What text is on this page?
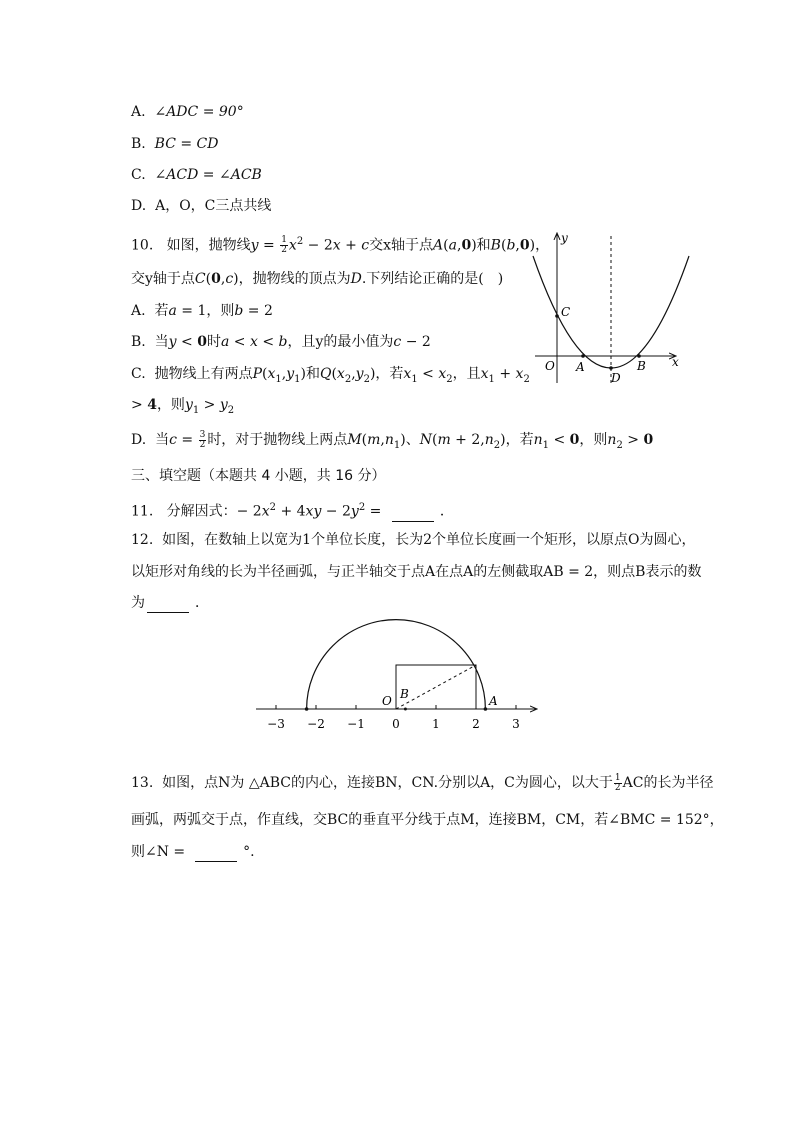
A. ∠ADC = 90°
B. BC = CD
C. ∠ACD = ∠ACB
D. A，O，C三点共线
10. 如图，抛物线$y = \frac{1}{2} x^2 - 2x + c$交x轴于点A(a,0)和B(b,0)，
交y轴于点C(0,c)，抛物线的顶点为D.下列结论正确的是(　)
A. 若a = 1，则b = 2
B. 当y < 0时a < x < b，且y的最小值为c − 2
C. 抛物线上有两点$P(x_1,y_1)$和$Q(x_2,y_2)$，若$x_1 < x_2$，且$x_1 + x_2$
> 4，则$y_1 > y_2$
D. 当$c = \frac{3}{2}$ 时，对于抛物线上两点$M(m,n_1)$、$N(m + 2,n_2)$，若$n_1 < 0$，则$n_2 > 0$
y
x
C
O A	B
D
三、填空题（本题共 4 小题，共 16 分）
11. 分解因式：− $2x^2 + 4xy - 2y^2$ =	．
12. 如图，在数轴上以宽为1个单位长度，长为2个单位长度画一个矩形，以原点O为圆心，
以矩形对角线的长为半径画弧，与正半轴交于点A在点A的左侧截取AB = 2，则点B表示的数
为	．
−3 −2 −1 0	1	2	3
O B	A
13. 如图，点N为 △ABC的内心，连接BN，CN.分别以A，C为圆心，以大于 $\frac{1}{2}$ AC的长为半径
画弧，两弧交于点，作直线，交BC的垂直平分线于点M，连接BM，CM，若∠BMC = 152°，
则∠N =	°.
